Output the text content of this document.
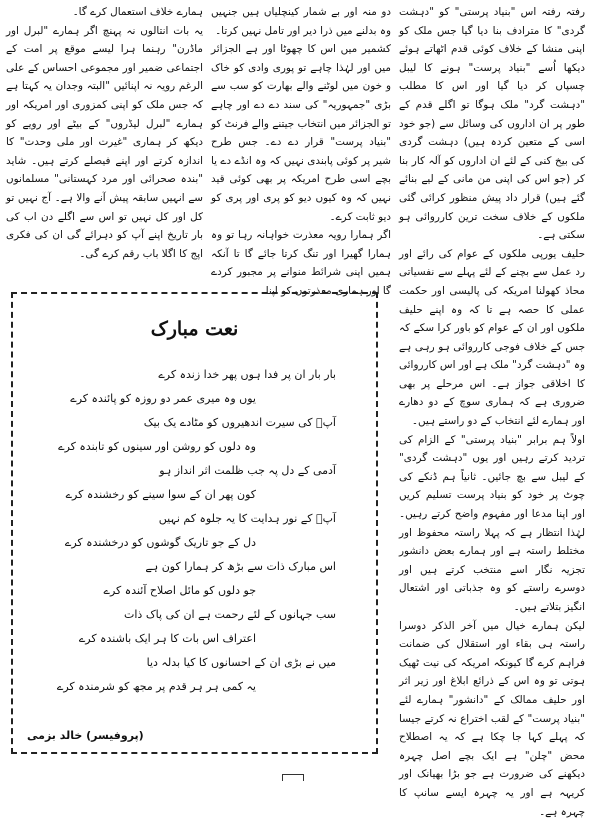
رفتہ رفتہ اس "بنیاد پرستی" کو "دہشت گردی" کا مترادف بنا دیا گیا جس ملک کو اپنی منشا کے خلاف کوئی قدم اٹھاتے ہوئے دیکھا اُسے "بنیاد پرست" ہونے کا لیبل چسپاں کر دیا گیا اور اس کا مطلب "دہشت گرد" ملک ہوگا تو اگلے قدم کے طور پر ان اداروں کی وسائل سے (جو خود اسی کے متعین کردہ ہیں) دہشت گردی کی بیخ کنی کے لئے ان اداروں کو آلہ کار بنا کر (جو اس کی اپنی من مانی کے لیے بنائے گئے ہیں) قرار داد پیش منظور کرائی گئی ملکوں کے خلاف سخت ترین کارروائی ہو سکتی ہے۔

حلیف یورپی ملکوں کے عوام کی رائے اور رد عمل سے بچنے کے لئے پہلے سے نفسیاتی محاذ کھولنا امریکہ کی پالیسی اور حکمت عملی کا حصہ ہے تا کہ وہ اپنے حلیف ملکوں اور ان کے عوام کو باور کرا سکے کہ جس کے خلاف فوجی کارروائی ہو رہی ہے وہ "دہشت گرد" ملک ہے اور اس کارروائی کا اخلاقی جواز ہے۔ اس مرحلے پر بھی ضروری ہے کہ ہماری سوچ کے دو دھارے اور ہمارے لئے انتخاب کے دو راستے ہیں۔

اولاً ہم برابر "بنیاد پرستی" کے الزام کی تردید کرتے رہیں اور یوں "دہشت گردی" کے لیبل سے بچ جائیں۔ ثانیاً ہم ڈنکے کی چوٹ پر خود کو بنیاد پرست تسلیم کریں اور اپنا مدعا اور مفہوم واضح کرتے رہیں۔ لہٰذا انتظار ہے کہ پہلا راستہ محفوظ اور مختلط راستہ ہے اور ہمارے بعض دانشور تجزیہ نگار اسے منتخب کرتے ہیں اور دوسرے راستے کو وہ جذباتی اور اشتعال انگیز بتلاتے ہیں۔

لیکن ہمارے خیال میں آخر الذکر دوسرا راستہ ہی بقاء اور استقلال کی ضمانت فراہم کرے گا کیونکہ امریکہ کی نیت ٹھیک ہوتی تو وہ اس کے ذرائع ابلاغ اور زیر اثر اور حلیف ممالک کے "دانشور" ہمارے لئے "بنیاد پرست" کے لقب اختراع نہ کرتے جیسا کہ پہلے کہا جا چکا ہے کہ یہ اصطلاح محض "چلن" ہے ایک بچے اصل چہرہ دیکھنے کی ضرورت ہے جو بڑا بھیانک اور کریہہ ہے اور یہ چہرہ ایسے سانپ کا چہرہ ہے۔

دو منہ اور بے شمار کینچلیاں ہیں جنہیں وہ بدلنے میں ذرا دیر اور تامل نہیں کرتا۔

کشمیر میں اس کا چھوٹا اور ہے الجزائر میں اور لہٰذا چاہے تو پوری وادی کو خاک و خون میں لوٹنے والے بھارت کو سب سے بڑی "جمہوریہ" کی سند دے دے اور چاہے تو الجزائر میں انتخاب جیتنے والے فرنٹ کو "بنیاد پرست" قرار دے دے۔ جس طرح شیر پر کوئی پابندی نہیں کہ وہ انڈے دے یا بچے اسی طرح امریکہ پر بھی کوئی قید نہیں کہ وہ کیوں دیو کو پری اور پری کو دیو ثابت کرے۔

اگر ہمارا رویہ معذرت خواہانہ رہا تو وہ ہمارا گھیرا اور تنگ کرتا جائے گا تا آنکہ ہمیں اپنی شرائط منوانے پر مجبور کردے گا اور ہماری معذرتوں کو اپنا

ہمارے خلاف استعمال کرے گا۔

یہ بات انتالوں نہ پہنچ اگر ہمارے "لبرل اور ماڈرن" رہنما ہرا لیسے موقع پر امت کے اجتماعی ضمیر اور مجموعی احساس کے علی الرغم رویہ نہ اپنائیں "البتہ وجدان یہ کہتا ہے کہ جس ملک کو اپنی کمزوری اور امریکہ اور ہمارے "لبرل لیڈروں" کے بیٹے اور رویے کو دیکھ کر ہماری "غیرت اور ملی وحدت" کا اندازہ کرتے اور اپنے فیصلے کرتے ہیں۔ شاید "بندہ صحرائی اور مرد کہستانی" مسلمانوں سے انہیں سابقہ پیش آنے والا ہے۔ آج نہیں تو کل اور کل نہیں تو اس سے اگلے دن اب کی بار تاریخ اپنے آپ کو دہرائے گی ان کی فکری اپج کا اگلا باب رقم کرے گی۔

نعت مبارک
بار بار ان پر فدا ہوں پھر خدا زندہ کرے
یوں وہ میری عمر دو روزہ کو پائندہ کرے
آپؐ کی سیرت اندھیروں کو مٹادے یک بیک
وہ دلوں کو روشن اور سینوں کو تابندہ کرے
آدمی کے دل پہ جب ظلمت اثر انداز ہو
کون پھر ان کے سوا سینے کو رخشندہ کرے
آپؐ کے نور ہدایت کا یہ جلوہ کم نہیں
دل کے جو تاریک گوشوں کو درخشندہ کرے
اس مبارک ذات سے بڑھ کر ہمارا کون ہے
جو دلوں کو مائل اصلاح آئندہ کرے
سب جہانوں کے لئے رحمت ہے ان کی پاک ذات
اعتراف اس بات کا ہر ایک باشندہ کرے
میں نے بڑی ان کے احسانوں کا کیا بدلہ دیا
یہ کمی ہر ہر قدم پر مجھ کو شرمندہ کرے
(پروفیسر) خالد بزمی
